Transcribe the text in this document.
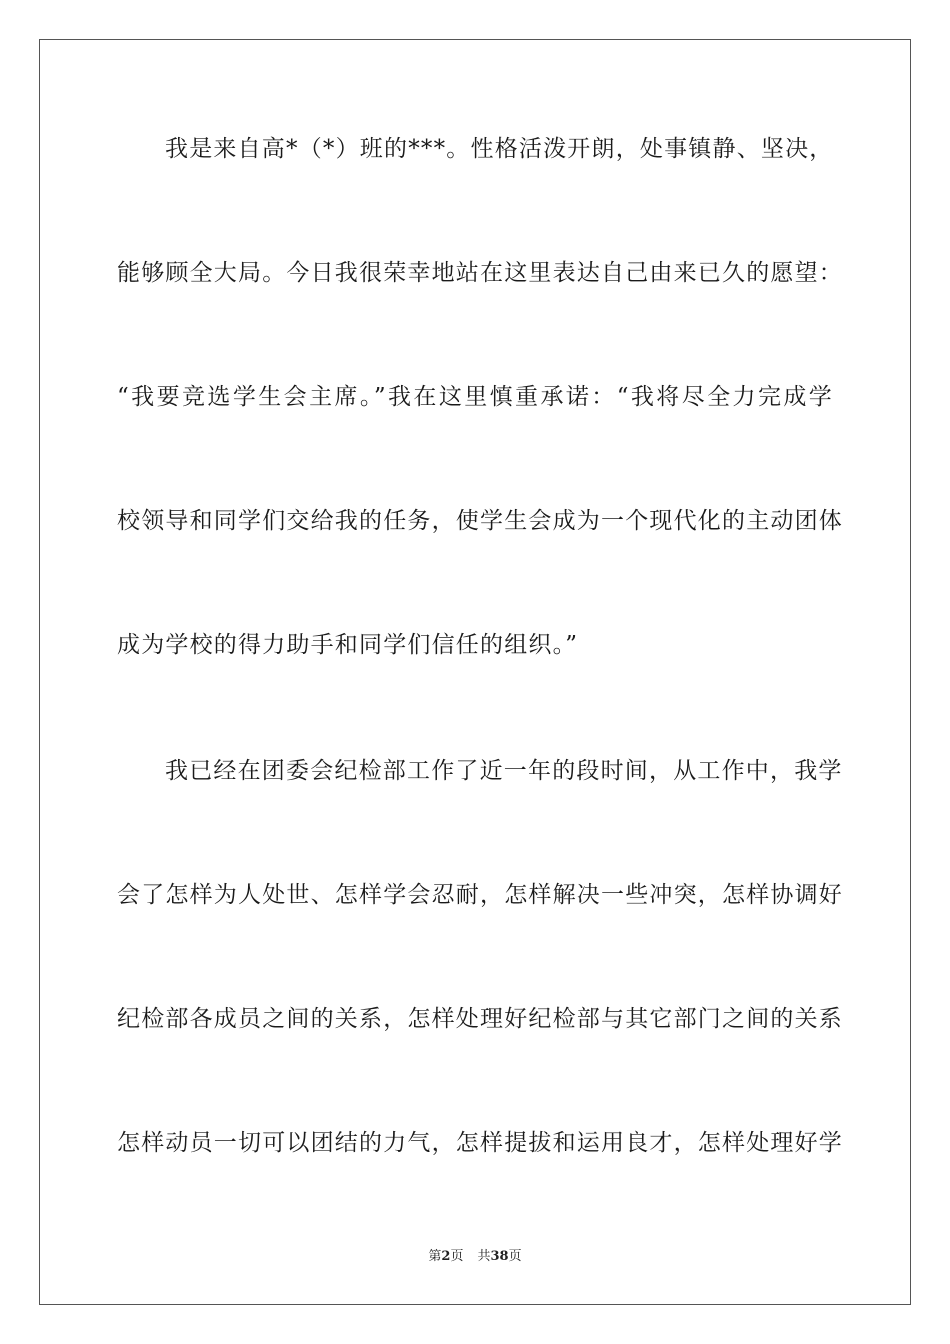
我是来自高*（*）班的***。性格活泼开朗，处事镇静、坚决，
能够顾全大局。今日我很荣幸地站在这里表达自己由来已久的愿望：
“我要竞选学生会主席。”我在这里慎重承诺：“我将尽全力完成学
校领导和同学们交给我的任务，使学生会成为一个现代化的主动团体
成为学校的得力助手和同学们信任的组织。”
我已经在团委会纪检部工作了近一年的段时间，从工作中，我学
会了怎样为人处世、怎样学会忍耐，怎样解决一些冲突，怎样协调好
纪检部各成员之间的关系，怎样处理好纪检部与其它部门之间的关系
怎样动员一切可以团结的力气，怎样提拔和运用良才，怎样处理好学
第2页 共38页
